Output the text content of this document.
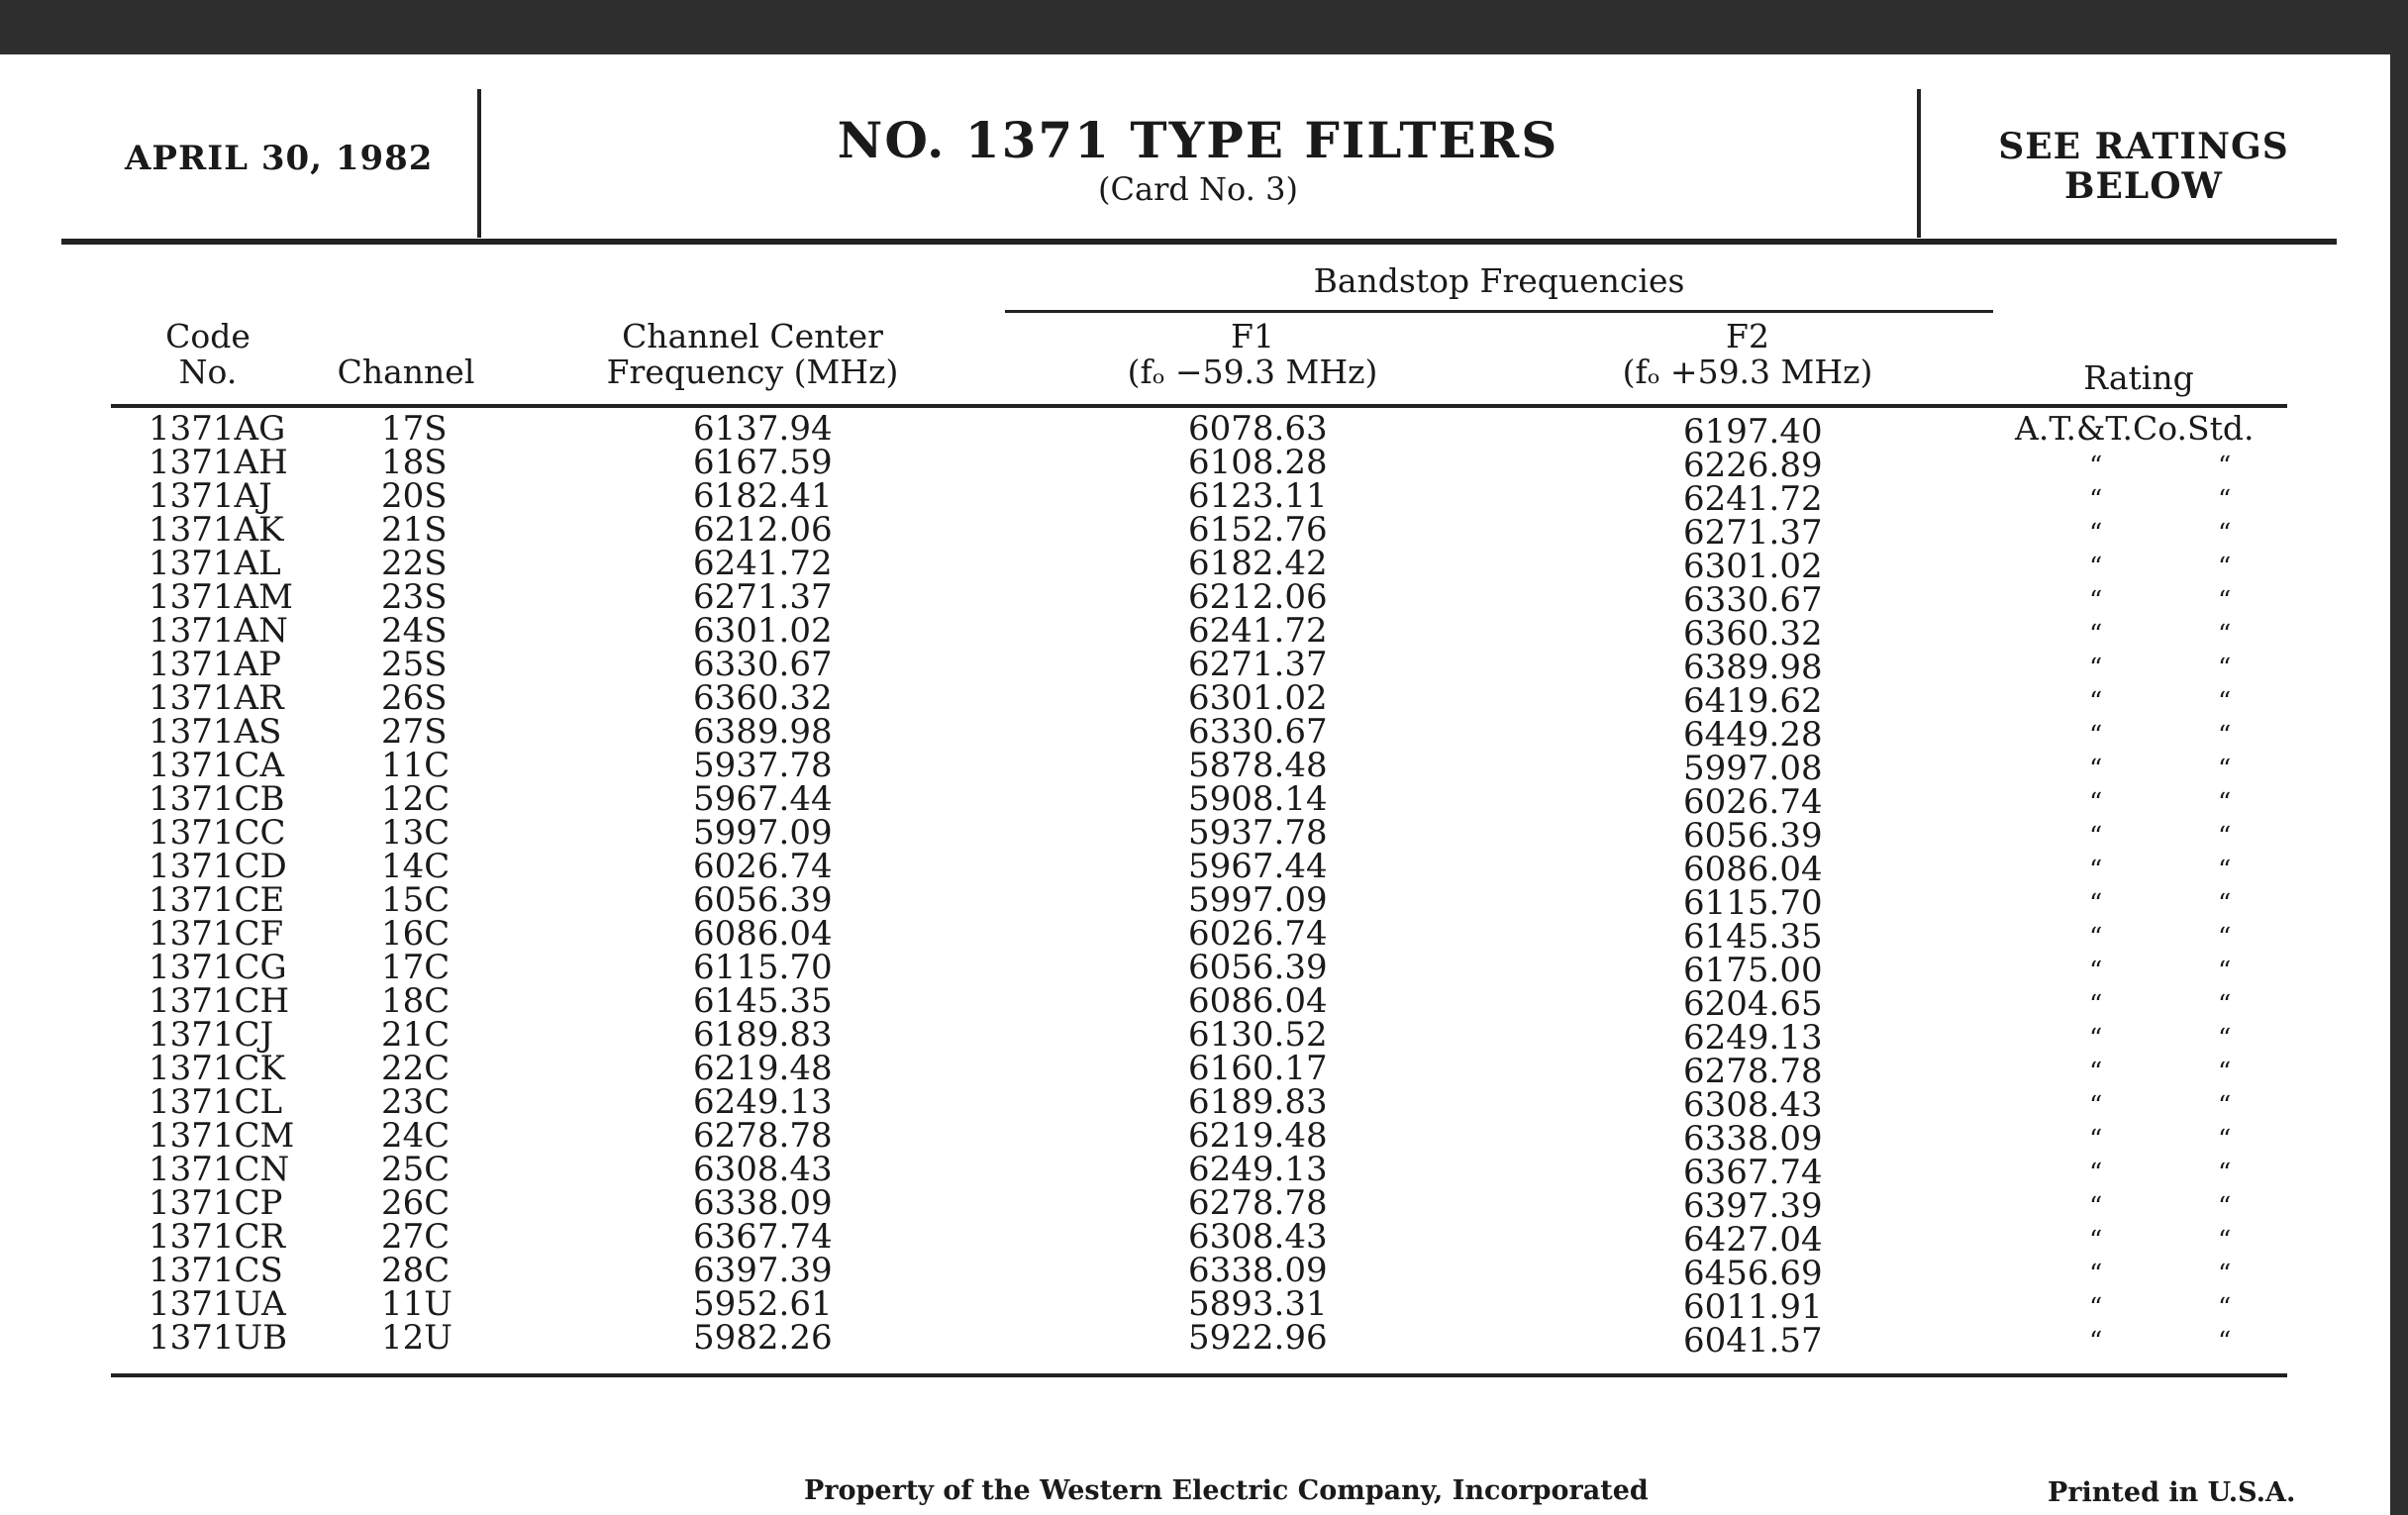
APRIL 30, 1982	NO. 1371 TYPE FILTERS
(Card No. 3)
SEE RATINGS
BELOW
Bandstop Frequencies
Code
No.	Channel
Channel Center
Frequency (MHz)
F1
(fₒ −59.3 MHz)
F2
(fₒ +59.3 MHz)	Rating
1371AG	17S	6137.94	6078.63	6197.40	A.T.&T.Co.Std.
1371AH	18S	6167.59	6108.28	6226.89	“	“
1371AJ	20S	6182.41	6123.11	6241.72	“	“
1371AK	21S	6212.06	6152.76	6271.37	“	“
1371AL	22S	6241.72	6182.42	6301.02	“	“
1371AM	23S	6271.37	6212.06	6330.67	“	“
1371AN	24S	6301.02	6241.72	6360.32	“	“
1371AP	25S	6330.67	6271.37	6389.98	“	“
1371AR	26S	6360.32	6301.02	6419.62	“	“
1371AS	27S	6389.98	6330.67	6449.28	“	“
1371CA	11C	5937.78	5878.48	5997.08	“	“
1371CB	12C	5967.44	5908.14	6026.74	“	“
1371CC	13C	5997.09	5937.78	6056.39	“	“
1371CD	14C	6026.74	5967.44	6086.04	“	“
1371CE	15C	6056.39	5997.09	6115.70	“	“
1371CF	16C	6086.04	6026.74	6145.35	“	“
1371CG	17C	6115.70	6056.39	6175.00	“	“
1371CH	18C	6145.35	6086.04	6204.65	“	“
1371CJ	21C	6189.83	6130.52	6249.13	“	“
1371CK	22C	6219.48	6160.17	6278.78	“	“
1371CL	23C	6249.13	6189.83	6308.43	“	“
1371CM	24C	6278.78	6219.48	6338.09	“	“
1371CN	25C	6308.43	6249.13	6367.74	“	“
1371CP	26C	6338.09	6278.78	6397.39	“	“
1371CR	27C	6367.74	6308.43	6427.04	“	“
1371CS	28C	6397.39	6338.09	6456.69	“	“
1371UA	11U	5952.61	5893.31	6011.91	“	“
1371UB	12U	5982.26	5922.96	6041.57	“	“
Property of the Western Electric Company, Incorporated	Printed in U.S.A.
